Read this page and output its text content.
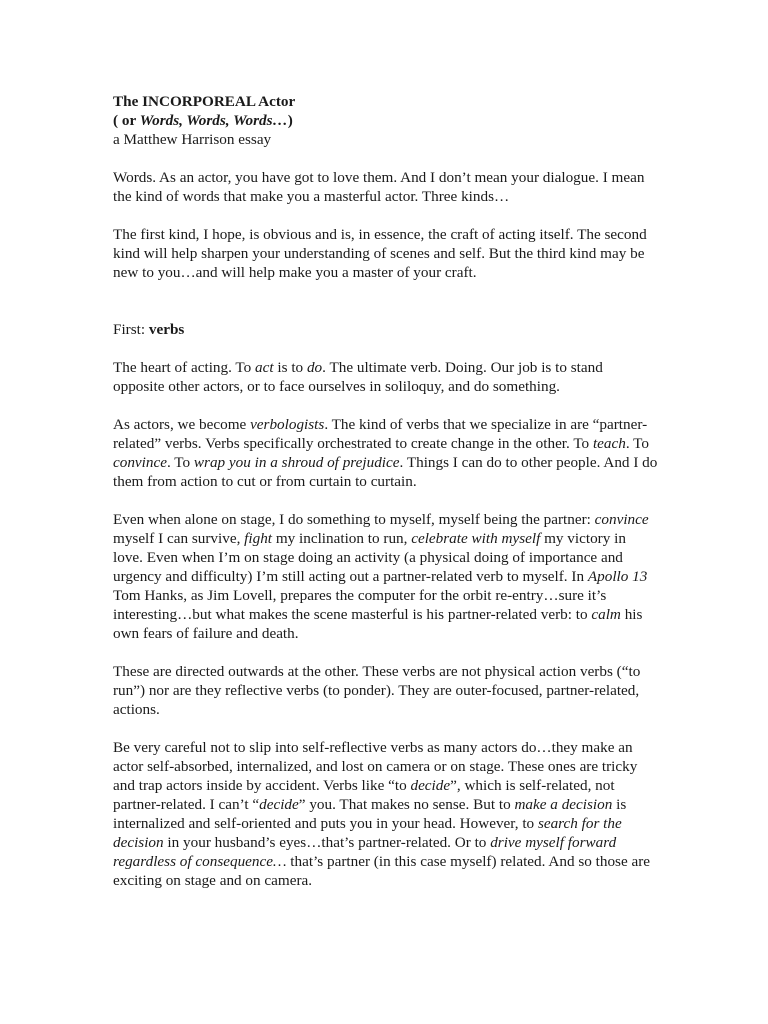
The INCORPOREAL Actor
( or Words, Words, Words…)
a Matthew Harrison essay

Words. As an actor, you have got to love them. And I don’t mean your dialogue. I mean the kind of words that make you a masterful actor. Three kinds…

The first kind, I hope, is obvious and is, in essence, the craft of acting itself. The second kind will help sharpen your understanding of scenes and self. But the third kind may be new to you…and will help make you a master of your craft.

First: verbs

The heart of acting. To act is to do. The ultimate verb. Doing. Our job is to stand opposite other actors, or to face ourselves in soliloquy, and do something.

As actors, we become verbologists. The kind of verbs that we specialize in are “partner-related” verbs. Verbs specifically orchestrated to create change in the other. To teach. To convince. To wrap you in a shroud of prejudice. Things I can do to other people. And I do them from action to cut or from curtain to curtain.

Even when alone on stage, I do something to myself, myself being the partner: convince myself I can survive, fight my inclination to run, celebrate with myself my victory in love. Even when I’m on stage doing an activity (a physical doing of importance and urgency and difficulty) I’m still acting out a partner-related verb to myself. In Apollo 13 Tom Hanks, as Jim Lovell, prepares the computer for the orbit re-entry…sure it’s interesting…but what makes the scene masterful is his partner-related verb: to calm his own fears of failure and death.

These are directed outwards at the other. These verbs are not physical action verbs (“to run”) nor are they reflective verbs (to ponder). They are outer-focused, partner-related, actions.

Be very careful not to slip into self-reflective verbs as many actors do…they make an actor self-absorbed, internalized, and lost on camera or on stage. These ones are tricky and trap actors inside by accident. Verbs like “to decide”, which is self-related, not partner-related. I can’t “decide” you. That makes no sense. But to make a decision is internalized and self-oriented and puts you in your head. However, to search for the decision in your husband’s eyes…that’s partner-related. Or to drive myself forward regardless of consequence… that’s partner (in this case myself) related. And so those are exciting on stage and on camera.
